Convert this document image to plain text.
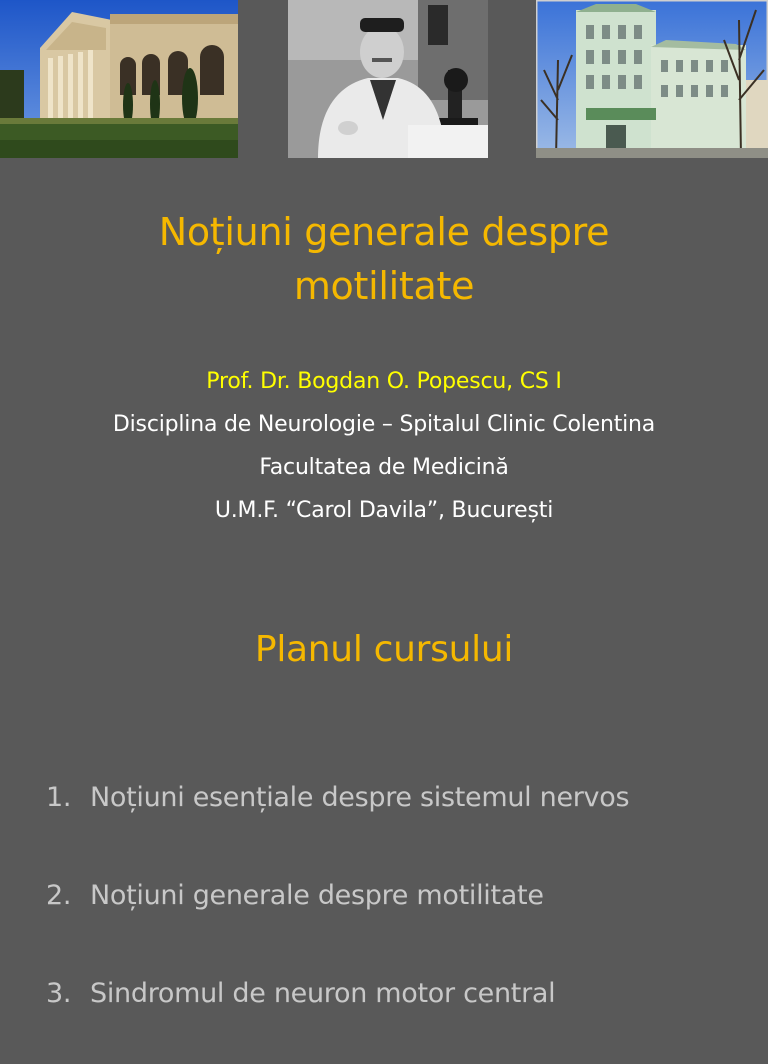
Noțiuni generale despre
motilitate
Prof. Dr. Bogdan O. Popescu, CS I
Disciplina de Neurologie – Spitalul Clinic Colentina
Facultatea de Medicină
U.M.F. “Carol Davila”, București
Planul cursului
1. Noțiuni esențiale despre sistemul nervos
2. Noțiuni generale despre motilitate
3. Sindromul de neuron motor central
